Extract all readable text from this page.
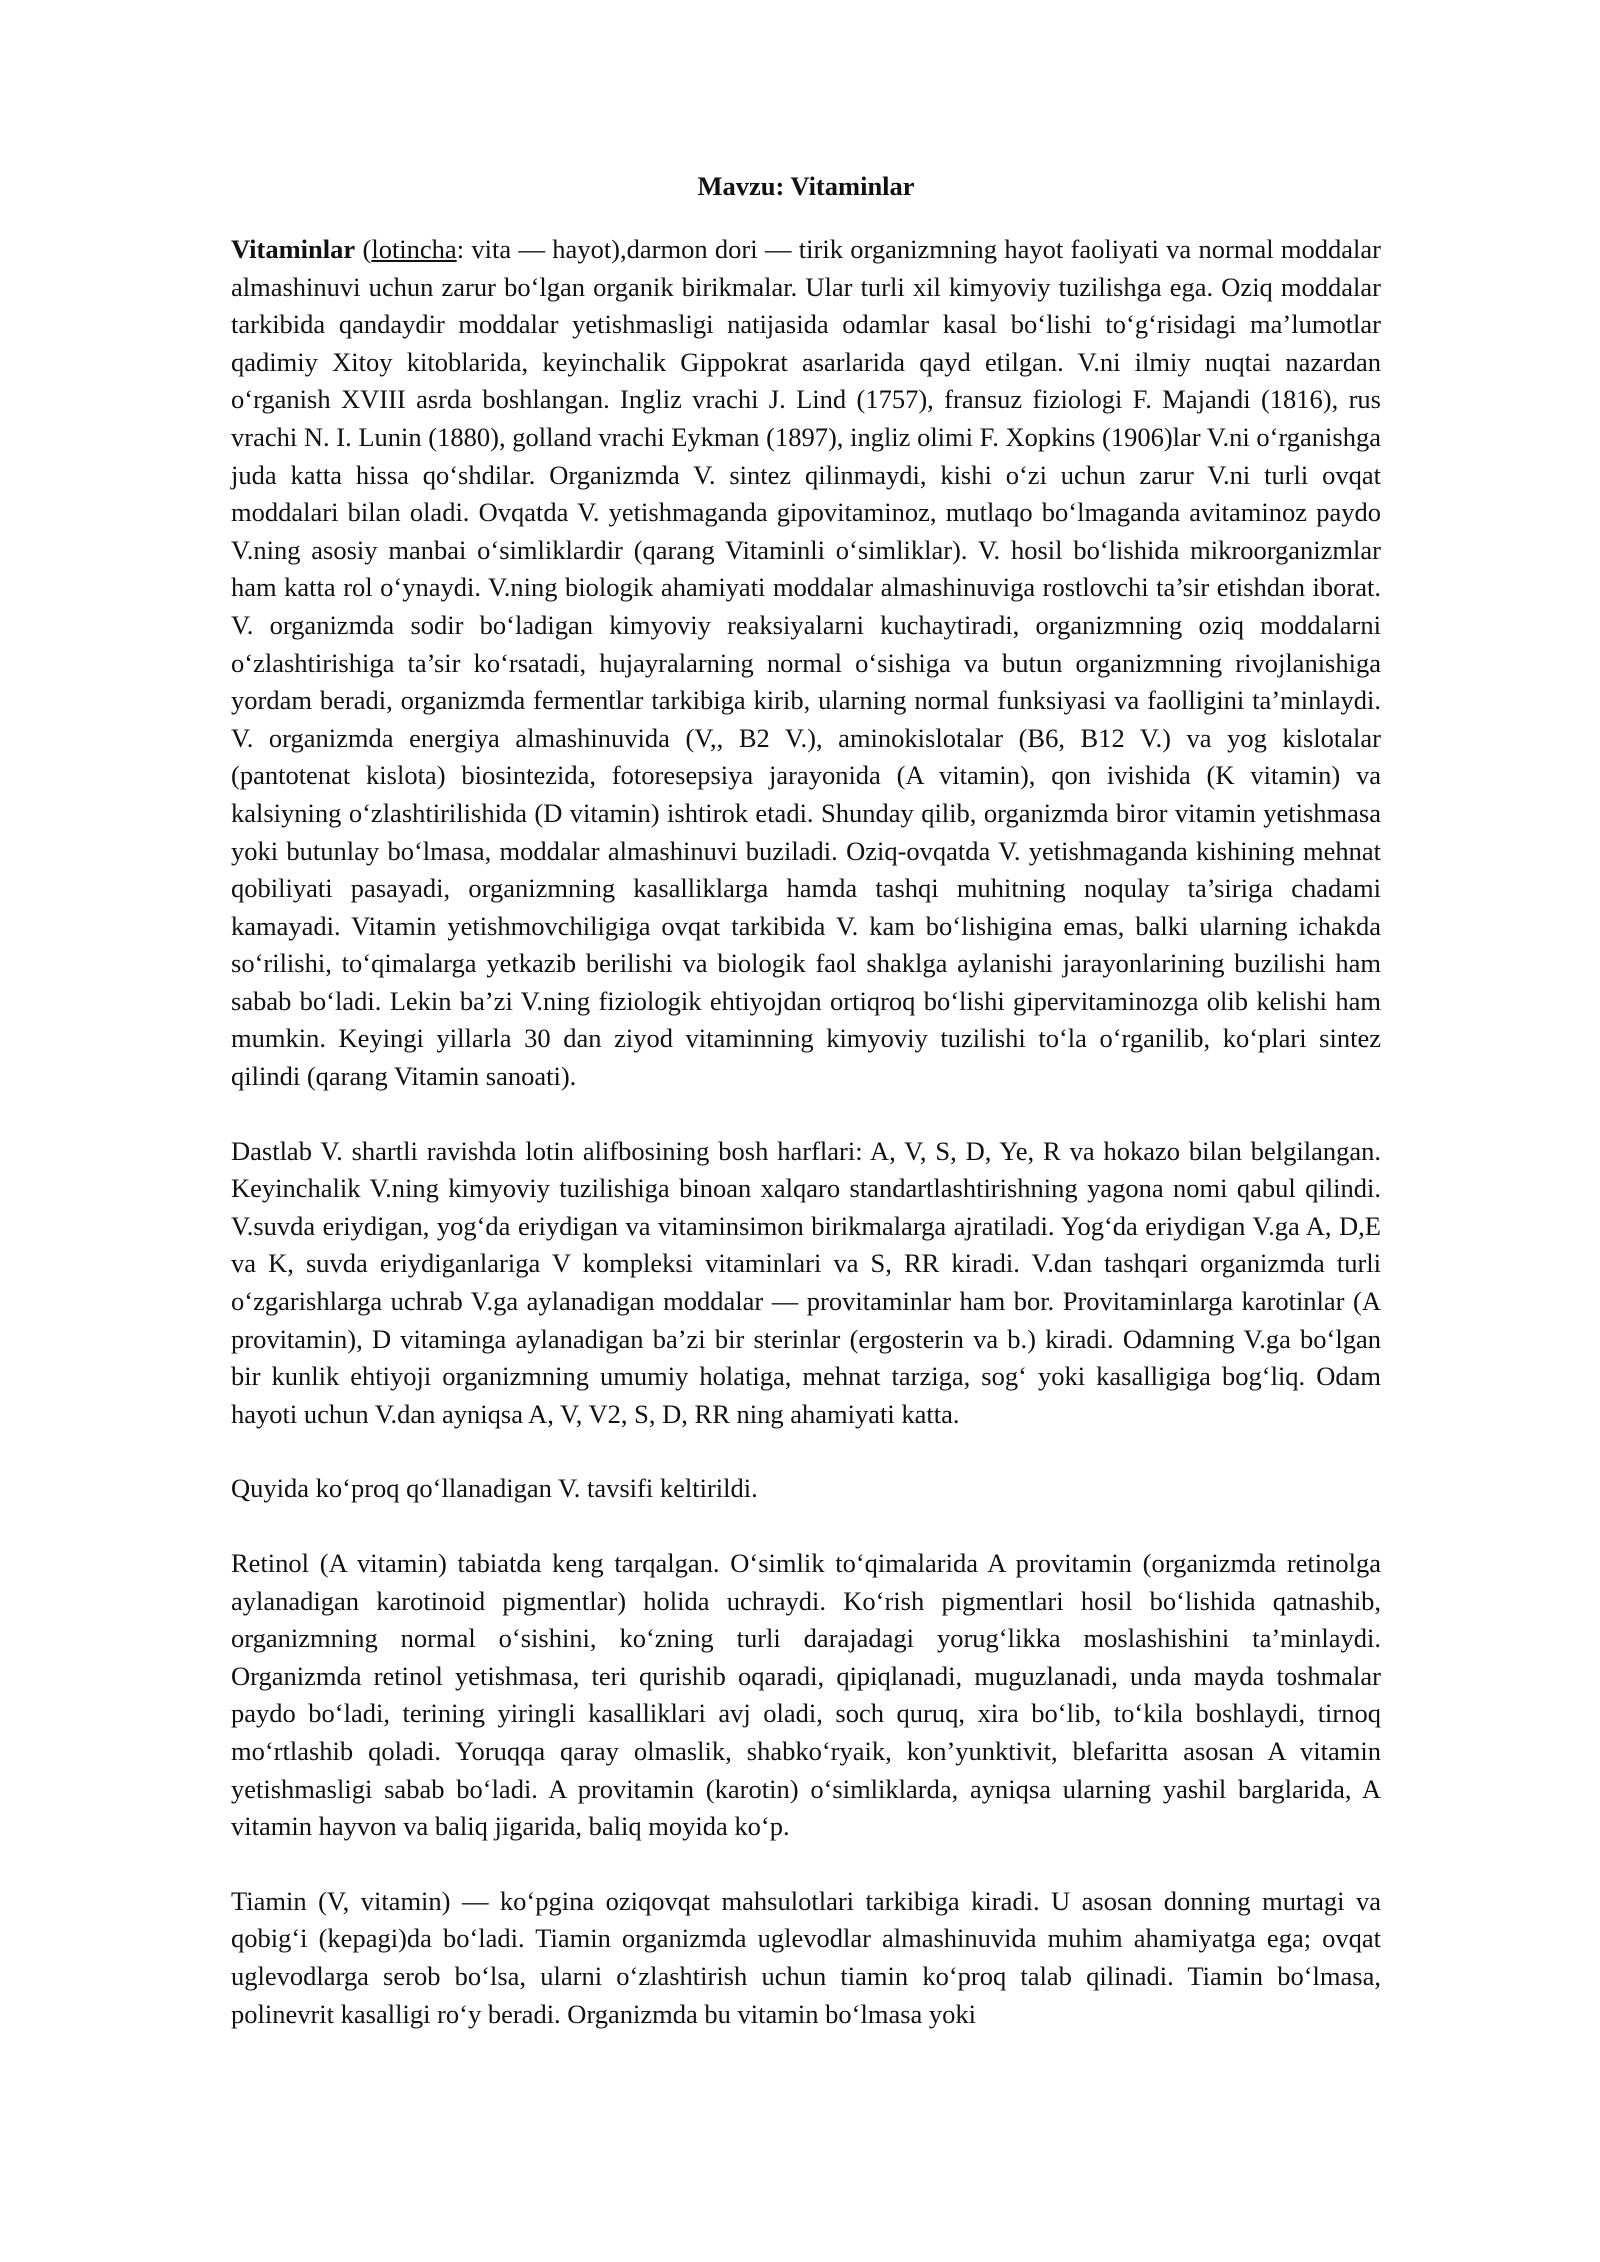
Mavzu: Vitaminlar

Vitaminlar (lotincha: vita — hayot),darmon dori — tirik organizmning hayot faoliyati va normal moddalar almashinuvi uchun zarur bo‘lgan organik birikmalar. Ular turli xil kimyoviy tuzilishga ega. Oziq moddalar tarkibida qandaydir moddalar yetishmasligi natijasida odamlar kasal bo‘lishi to‘g‘risidagi ma’lumotlar qadimiy Xitoy kitoblarida, keyinchalik Gippokrat asarlarida qayd etilgan. V.ni ilmiy nuqtai nazardan o‘rganish XVIII asrda boshlangan. Ingliz vrachi J. Lind (1757), fransuz fiziologi F. Majandi (1816), rus vrachi N. I. Lunin (1880), golland vrachi Eykman (1897), ingliz olimi F. Xopkins (1906)lar V.ni o‘rganishga juda katta hissa qo‘shdilar. Organizmda V. sintez qilinmaydi, kishi o‘zi uchun zarur V.ni turli ovqat moddalari bilan oladi. Ovqatda V. yetishmaganda gipovitaminoz, mutlaqo bo‘lmaganda avitaminoz paydo V.ning asosiy manbai o‘simliklardir (qarang Vitaminli o‘simliklar). V. hosil bo‘lishida mikroorganizmlar ham katta rol o‘ynaydi. V.ning biologik ahamiyati moddalar almashinuviga rostlovchi ta’sir etishdan iborat. V. organizmda sodir bo‘ladigan kimyoviy reaksiyalarni kuchaytiradi, organizmning oziq moddalarni o‘zlashtirishiga ta’sir ko‘rsatadi, hujayralarning normal o‘sishiga va butun organizmning rivojlanishiga yordam beradi, organizmda fermentlar tarkibiga kirib, ularning normal funksiyasi va faolligini ta’minlaydi. V. organizmda energiya almashinuvida (V,, B2 V.), aminokislotalar (B6, B12 V.) va yog kislotalar (pantotenat kislota) biosintezida, fotoresepsiya jarayonida (A vitamin), qon ivishida (K vitamin) va kalsiyning o‘zlashtirilishida (D vitamin) ishtirok etadi. Shunday qilib, organizmda biror vitamin yetishmasa yoki butunlay bo‘lmasa, moddalar almashinuvi buziladi. Oziq-ovqatda V. yetishmaganda kishining mehnat qobiliyati pasayadi, organizmning kasalliklarga hamda tashqi muhitning noqulay ta’siriga chadami kamayadi. Vitamin yetishmovchiligiga ovqat tarkibida V. kam bo‘lishigina emas, balki ularning ichakda so‘rilishi, to‘qimalarga yetkazib berilishi va biologik faol shaklga aylanishi jarayonlarining buzilishi ham sabab bo‘ladi. Lekin ba’zi V.ning fiziologik ehtiyojdan ortiqroq bo‘lishi gipervitaminozga olib kelishi ham mumkin. Keyingi yillarla 30 dan ziyod vitaminning kimyoviy tuzilishi to‘la o‘rganilib, ko‘plari sintez qilindi (qarang Vitamin sanoati).

Dastlab V. shartli ravishda lotin alifbosining bosh harflari: A, V, S, D, Ye, R va hokazo bilan belgilangan. Keyinchalik V.ning kimyoviy tuzilishiga binoan xalqaro standartlashtirishning yagona nomi qabul qilindi. V.suvda eriydigan, yog‘da eriydigan va vitaminsimon birikmalarga ajratiladi. Yog‘da eriydigan V.ga A, D,E va K, suvda eriydiganlariga V kompleksi vitaminlari va S, RR kiradi. V.dan tashqari organizmda turli o‘zgarishlarga uchrab V.ga aylanadigan moddalar — provitaminlar ham bor. Provitaminlarga karotinlar (A provitamin), D vitaminga aylanadigan ba’zi bir sterinlar (ergosterin va b.) kiradi. Odamning V.ga bo‘lgan bir kunlik ehtiyoji organizmning umumiy holatiga, mehnat tarziga, sog‘ yoki kasalligiga bog‘liq. Odam hayoti uchun V.dan ayniqsa A, V, V2, S, D, RR ning ahamiyati katta.

Quyida ko‘proq qo‘llanadigan V. tavsifi keltirildi.

Retinol (A vitamin) tabiatda keng tarqalgan. O‘simlik to‘qimalarida A provitamin (organizmda retinolga aylanadigan karotinoid pigmentlar) holida uchraydi. Ko‘rish pigmentlari hosil bo‘lishida qatnashib, organizmning normal o‘sishini, ko‘zning turli darajadagi yorug‘likka moslashishini ta’minlaydi. Organizmda retinol yetishmasa, teri qurishib oqaradi, qipiqlanadi, muguzlanadi, unda mayda toshmalar paydo bo‘ladi, terining yiringli kasalliklari avj oladi, soch quruq, xira bo‘lib, to‘kila boshlaydi, tirnoq mo‘rtlashib qoladi. Yoruqqa qaray olmaslik, shabko‘ryaik, kon’yunktivit, blefaritta asosan A vitamin yetishmasligi sabab bo‘ladi. A provitamin (karotin) o‘simliklarda, ayniqsa ularning yashil barglarida, A vitamin hayvon va baliq jigarida, baliq moyida ko‘p.

Tiamin (V, vitamin) — ko‘pgina oziqovqat mahsulotlari tarkibiga kiradi. U asosan donning murtagi va qobig‘i (kepagi)da bo‘ladi. Tiamin organizmda uglevodlar almashinuvida muhim ahamiyatga ega; ovqat uglevodlarga serob bo‘lsa, ularni o‘zlashtirish uchun tiamin ko‘proq talab qilinadi. Tiamin bo‘lmasa, polinevrit kasalligi ro‘y beradi. Organizmda bu vitamin bo‘lmasa yoki
